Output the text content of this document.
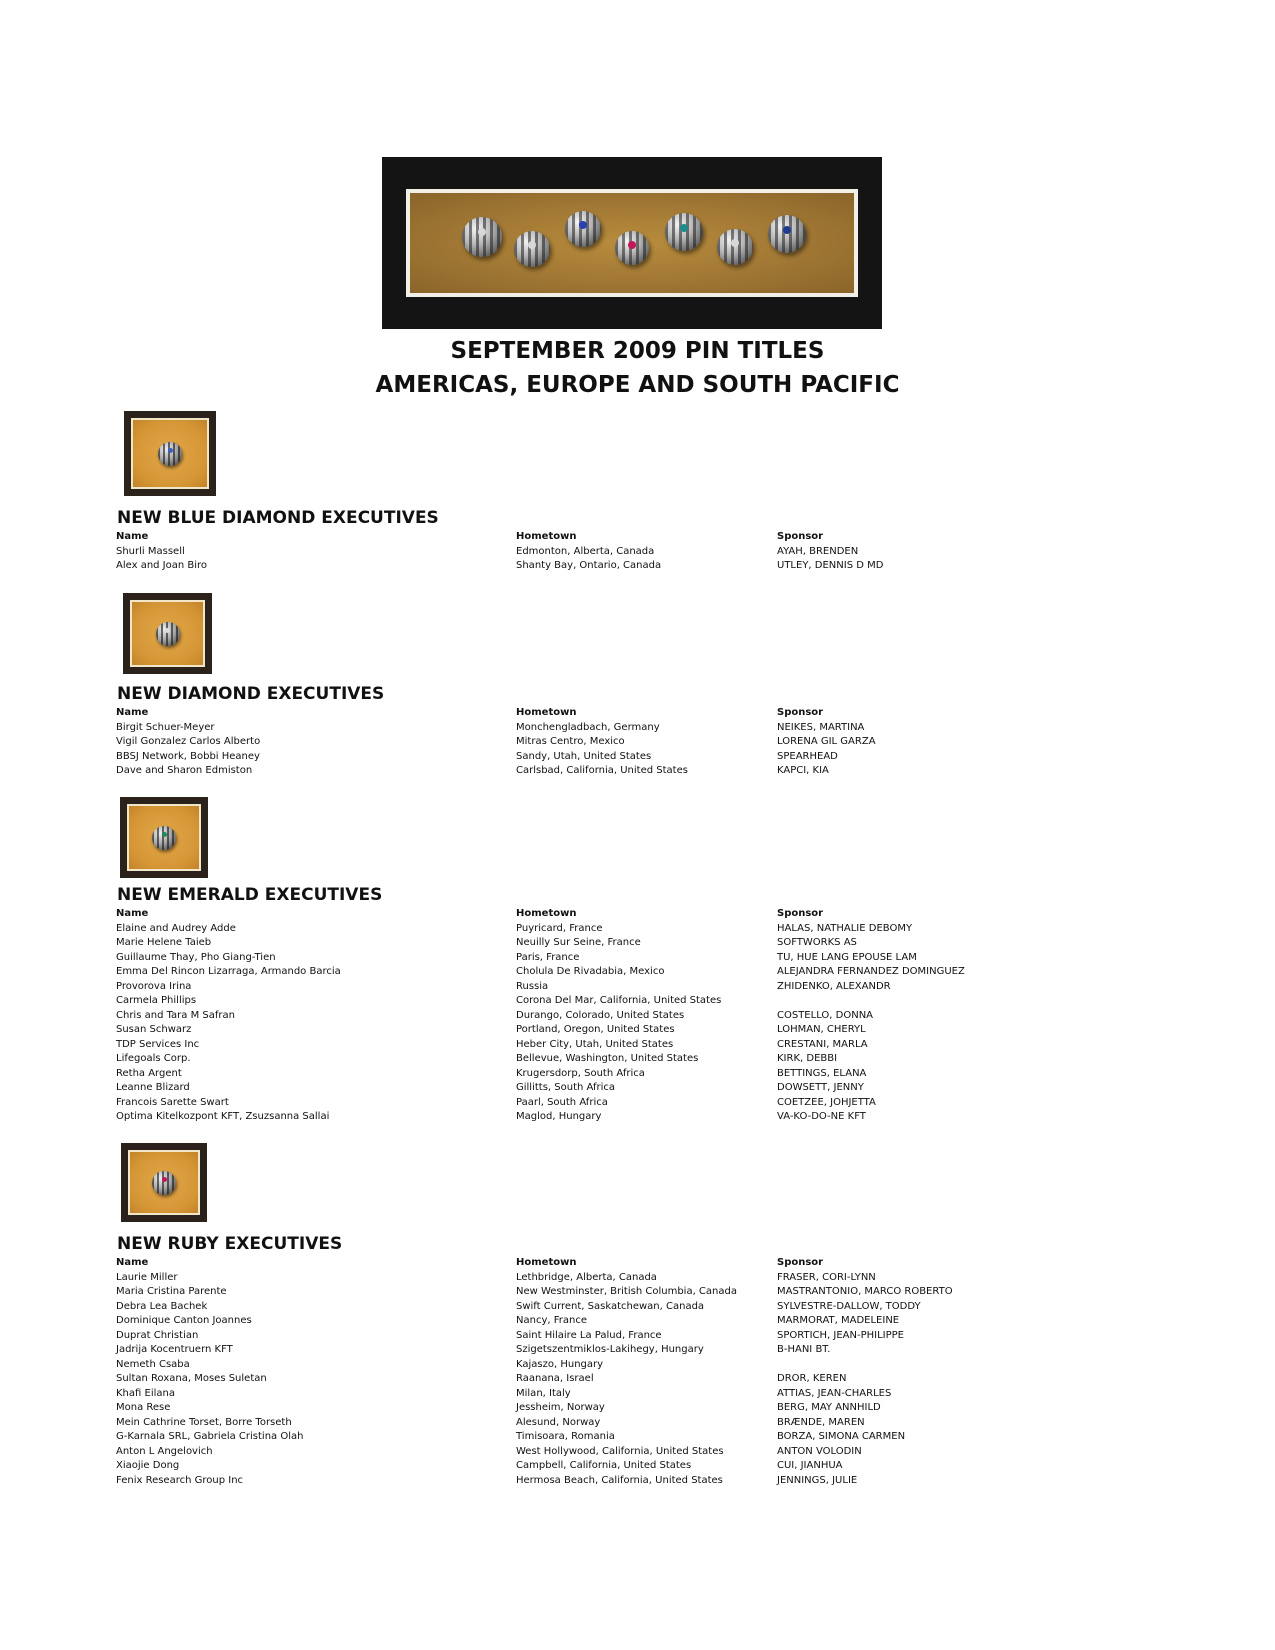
SEPTEMBER 2009 PIN TITLES
AMERICAS, EUROPE AND SOUTH PACIFIC
NEW BLUE DIAMOND EXECUTIVES
Name	Hometown	Sponsor
Shurli Massell	Edmonton, Alberta, Canada	AYAH, BRENDEN
Alex and Joan Biro	Shanty Bay, Ontario, Canada	UTLEY, DENNIS D MD
NEW DIAMOND EXECUTIVES
Name	Hometown	Sponsor
Birgit Schuer-Meyer	Monchengladbach, Germany	NEIKES, MARTINA
Vigil Gonzalez Carlos Alberto	Mitras Centro, Mexico	LORENA GIL GARZA
BBSJ Network, Bobbi Heaney	Sandy, Utah, United States	SPEARHEAD
Dave and Sharon Edmiston	Carlsbad, California, United States	KAPCI, KIA
NEW EMERALD EXECUTIVES
Name	Hometown	Sponsor
Elaine and Audrey Adde	Puyricard, France	HALAS, NATHALIE DEBOMY
Marie Helene Taieb	Neuilly Sur Seine, France	SOFTWORKS AS
Guillaume Thay, Pho Giang-Tien	Paris, France	TU, HUE LANG EPOUSE LAM
Emma Del Rincon Lizarraga, Armando Barcia	Cholula De Rivadabia, Mexico	ALEJANDRA FERNANDEZ DOMINGUEZ
Provorova Irina	Russia	ZHIDENKO, ALEXANDR
Carmela Phillips	Corona Del Mar, California, United States
Chris and Tara M Safran	Durango, Colorado, United States	COSTELLO, DONNA
Susan Schwarz	Portland, Oregon, United States	LOHMAN, CHERYL
TDP Services Inc	Heber City, Utah, United States	CRESTANI, MARLA
Lifegoals Corp.	Bellevue, Washington, United States	KIRK, DEBBI
Retha Argent	Krugersdorp, South Africa	BETTINGS, ELANA
Leanne Blizard	Gillitts, South Africa	DOWSETT, JENNY
Francois Sarette Swart	Paarl, South Africa	COETZEE, JOHJETTA
Optima Kitelkozpont KFT, Zsuzsanna Sallai	Maglod, Hungary	VA-KO-DO-NE KFT
NEW RUBY EXECUTIVES
Name	Hometown	Sponsor
Laurie Miller	Lethbridge, Alberta, Canada	FRASER, CORI-LYNN
Maria Cristina Parente	New Westminster, British Columbia, Canada	MASTRANTONIO, MARCO ROBERTO
Debra Lea Bachek	Swift Current, Saskatchewan, Canada	SYLVESTRE-DALLOW, TODDY
Dominique Canton Joannes	Nancy, France	MARMORAT, MADELEINE
Duprat Christian	Saint Hilaire La Palud, France	SPORTICH, JEAN-PHILIPPE
Jadrija Kocentruern KFT	Szigetszentmiklos-Lakihegy, Hungary	B-HANI BT.
Nemeth Csaba	Kajaszo, Hungary
Sultan Roxana, Moses Suletan	Raanana, Israel	DROR, KEREN
Khafi Eilana	Milan, Italy	ATTIAS, JEAN-CHARLES
Mona Rese	Jessheim, Norway	BERG, MAY ANNHILD
Mein Cathrine Torset, Borre Torseth	Alesund, Norway	BRÆNDE, MAREN
G-Karnala SRL, Gabriela Cristina Olah	Timisoara, Romania	BORZA, SIMONA CARMEN
Anton L Angelovich	West Hollywood, California, United States	ANTON VOLODIN
Xiaojie Dong	Campbell, California, United States	CUI, JIANHUA
Fenix Research Group Inc	Hermosa Beach, California, United States	JENNINGS, JULIE
